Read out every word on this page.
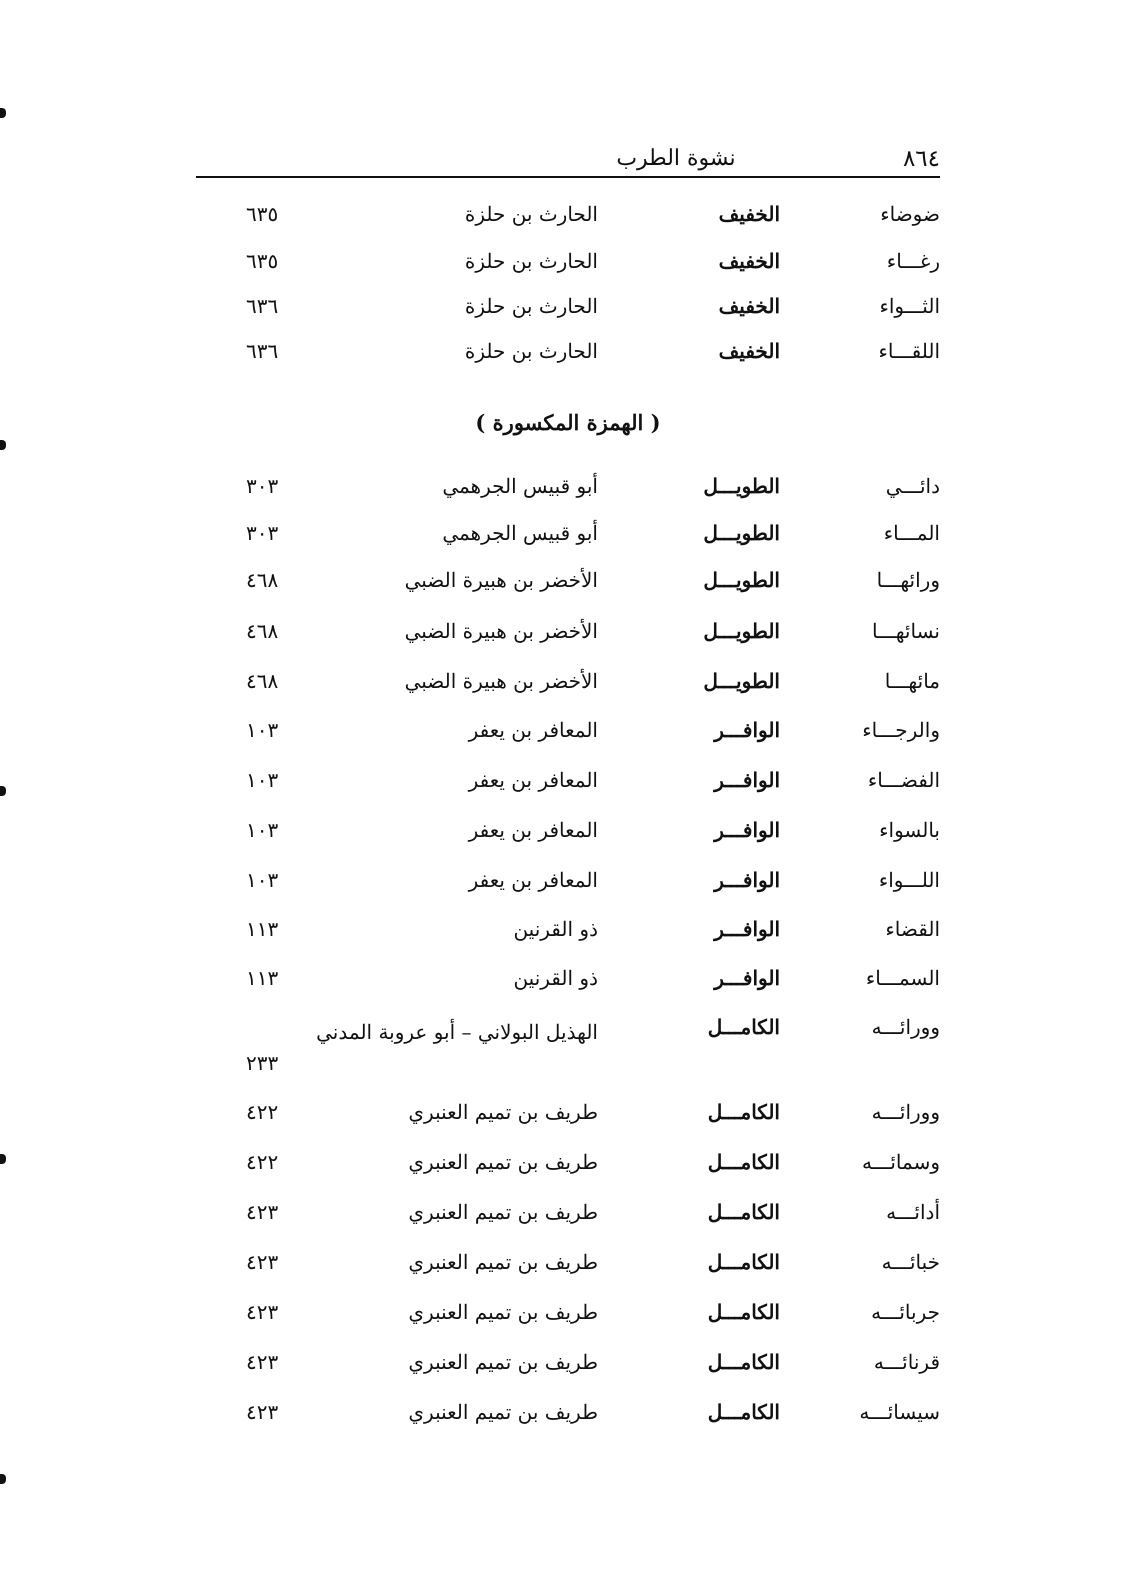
٨٦٤
نشوة الطرب
ضوضاء
الخفيف
الحارث بن حلزة
٦٣٥
رغـــاء
الخفيف
الحارث بن حلزة
٦٣٥
الثـــواء
الخفيف
الحارث بن حلزة
٦٣٦
اللقـــاء
الخفيف
الحارث بن حلزة
٦٣٦
( الهمزة المكسورة )
دائـــي
الطويـــل
أبو قبيس الجرهمي
٣٠٣
المـــاء
الطويـــل
أبو قبيس الجرهمي
٣٠٣
ورائهـــا
الطويـــل
الأخضر بن هبيرة الضبي
٤٦٨
نسائهـــا
الطويـــل
الأخضر بن هبيرة الضبي
٤٦٨
مائهـــا
الطويـــل
الأخضر بن هبيرة الضبي
٤٦٨
والرجـــاء
الوافـــر
المعافر بن يعفر
١٠٣
الفضـــاء
الوافـــر
المعافر بن يعفر
١٠٣
بالسواء
الوافـــر
المعافر بن يعفر
١٠٣
اللـــواء
الوافـــر
المعافر بن يعفر
١٠٣
القضاء
الوافـــر
ذو القرنين
١١٣
السمـــاء
الوافـــر
ذو القرنين
١١٣
وورائـــه
الكامـــل
الهذيل البولاني – أبو عروبة المدني
٢٣٣
وورائـــه
الكامـــل
طريف بن تميم العنبري
٤٢٢
وسمائـــه
الكامـــل
طريف بن تميم العنبري
٤٢٢
أدائـــه
الكامـــل
طريف بن تميم العنبري
٤٢٣
خبائـــه
الكامـــل
طريف بن تميم العنبري
٤٢٣
جربائـــه
الكامـــل
طريف بن تميم العنبري
٤٢٣
قرنائـــه
الكامـــل
طريف بن تميم العنبري
٤٢٣
سيسائـــه
الكامـــل
طريف بن تميم العنبري
٤٢٣
